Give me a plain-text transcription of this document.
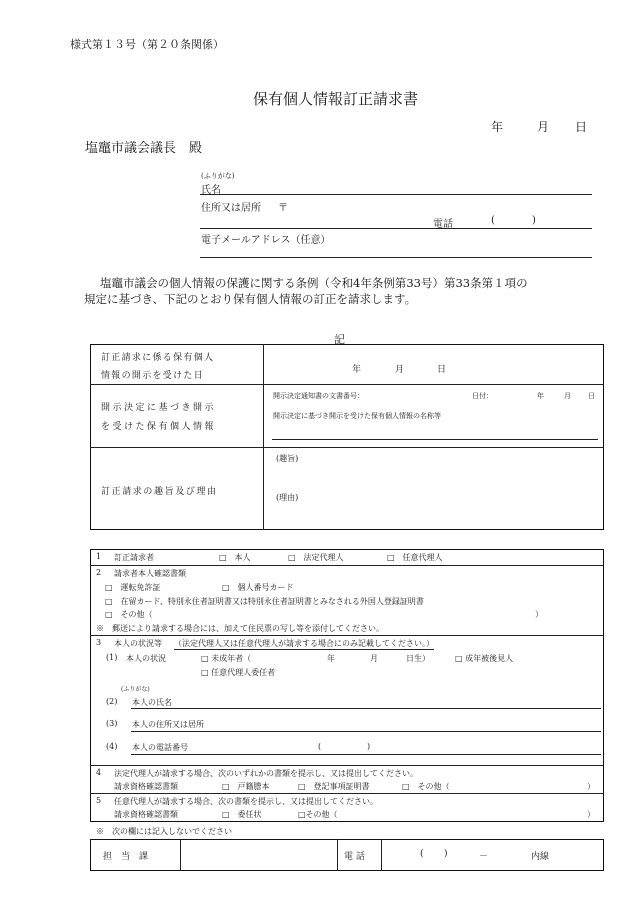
様式第１３号（第２０条関係）
保有個人情報訂正請求書
年	月 日
塩竈市議会議長　殿
(ふりがな)
氏名
住所又は居所 〒
電話	(	)
電子メールアドレス（任意）
塩竈市議会の個人情報の保護に関する条例（令和4年条例第33号）第33条第１項の
規定に基づき、下記のとおり保有個人情報の訂正を請求します。
記
訂正請求に係る保有個人
情報の開示を受けた日
年	月	日
開示決定に基づき開示
を受けた保有個人情報
開示決定通知書の文書番号：	日付：	年	月 日
開示決定に基づき開示を受けた保有個人情報の名称等
訂正請求の趣旨及び理由
(趣旨)
(理由)
1 訂正請求者	□　本人	□　法定代理人	□　任意代理人
2 請求者本人確認書類
□　運転免許証	□　個人番号カード
□　在留カード、特別永住者証明書又は特別永住者証明書とみなされる外国人登録証明書
□　その他（	）
※　郵送により請求する場合には、加えて住民票の写し等を添付してください。
3 本人の状況等 （法定代理人又は任意代理人が請求する場合にのみ記載してください。）
(1) 本人の状況	□ 未成年者（	年	月	日生）	□ 成年被後見人
□ 任意代理人委任者
(ふりがな)
(2) 本人の氏名
(3) 本人の住所又は居所
(4) 本人の電話番号	(	)
4 法定代理人が請求する場合、次のいずれかの書類を提示し、又は提出してください。
請求資格確認書類	□　戸籍謄本	□　登記事項証明書	□　その他（	）
5 任意代理人が請求する場合、次の書類を提示し、又は提出してください。
請求資格確認書類	□　委任状	□その他（	）
※　次の欄には記入しないでください
担　当　課	電 話	( )	－	内線
